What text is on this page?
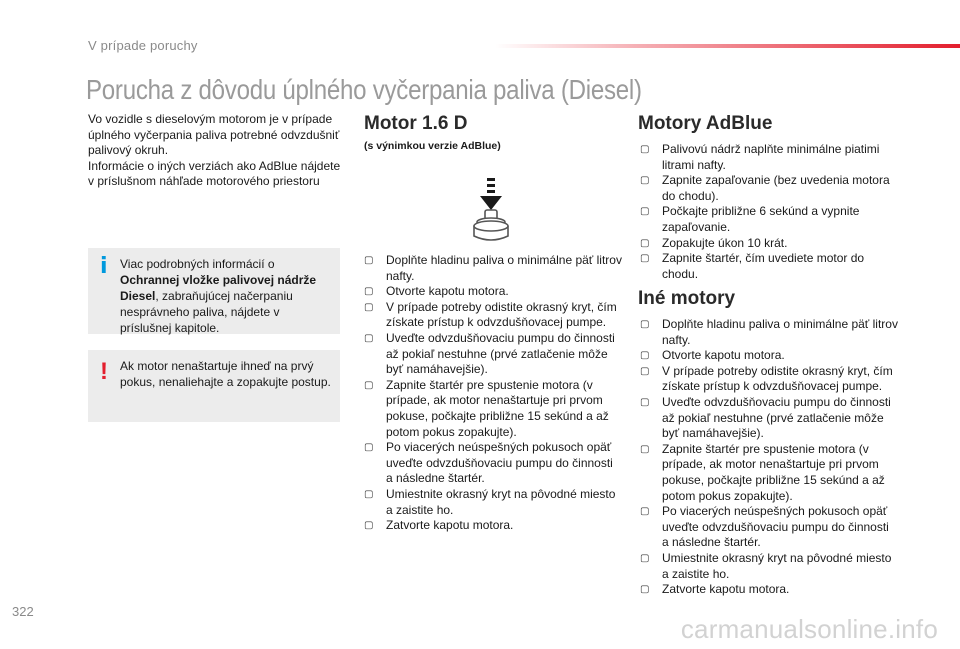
V prípade poruchy
Porucha z dôvodu úplného vyčerpania paliva (Diesel)
Vo vozidle s dieselovým motorom je v prípade
úplného vyčerpania paliva potrebné odvzdušniť
palivový okruh.
Informácie o iných verziách ako AdBlue nájdete
v príslušnom náhľade motorového priestoru
i Viac podrobných informácií o Ochrannej vložke palivovej nádrže Diesel, zabraňujúcej načerpaniu nesprávneho paliva, nájdete v príslušnej kapitole.
! Ak motor nenaštartuje ihneď na prvý pokus, nenaliehajte a zopakujte postup.
Motor 1.6 D
(s výnimkou verzie AdBlue)
▢ Doplňte hladinu paliva o minimálne päť litrov nafty.
▢ Otvorte kapotu motora.
▢ V prípade potreby odistite okrasný kryt, čím získate prístup k odvzdušňovacej pumpe.
▢ Uveďte odvzdušňovaciu pumpu do činnosti až pokiaľ nestuhne (prvé zatlačenie môže byť namáhavejšie).
▢ Zapnite štartér pre spustenie motora (v prípade, ak motor nenaštartuje pri prvom pokuse, počkajte približne 15 sekúnd a až potom pokus zopakujte).
▢ Po viacerých neúspešných pokusoch opäť uveďte odvzdušňovaciu pumpu do činnosti a následne štartér.
▢ Umiestnite okrasný kryt na pôvodné miesto a zaistite ho.
▢ Zatvorte kapotu motora.
Motory AdBlue
▢ Palivovú nádrž naplňte minimálne piatimi litrami nafty.
▢ Zapnite zapaľovanie (bez uvedenia motora do chodu).
▢ Počkajte približne 6 sekúnd a vypnite zapaľovanie.
▢ Zopakujte úkon 10 krát.
▢ Zapnite štartér, čím uvediete motor do chodu.
Iné motory
▢ Doplňte hladinu paliva o minimálne päť litrov nafty.
▢ Otvorte kapotu motora.
▢ V prípade potreby odistite okrasný kryt, čím získate prístup k odvzdušňovacej pumpe.
▢ Uveďte odvzdušňovaciu pumpu do činnosti až pokiaľ nestuhne (prvé zatlačenie môže byť namáhavejšie).
▢ Zapnite štartér pre spustenie motora (v prípade, ak motor nenaštartuje pri prvom pokuse, počkajte približne 15 sekúnd a až potom pokus zopakujte).
▢ Po viacerých neúspešných pokusoch opäť uveďte odvzdušňovaciu pumpu do činnosti a následne štartér.
▢ Umiestnite okrasný kryt na pôvodné miesto a zaistite ho.
▢ Zatvorte kapotu motora.
322
carmanualsonline.info
